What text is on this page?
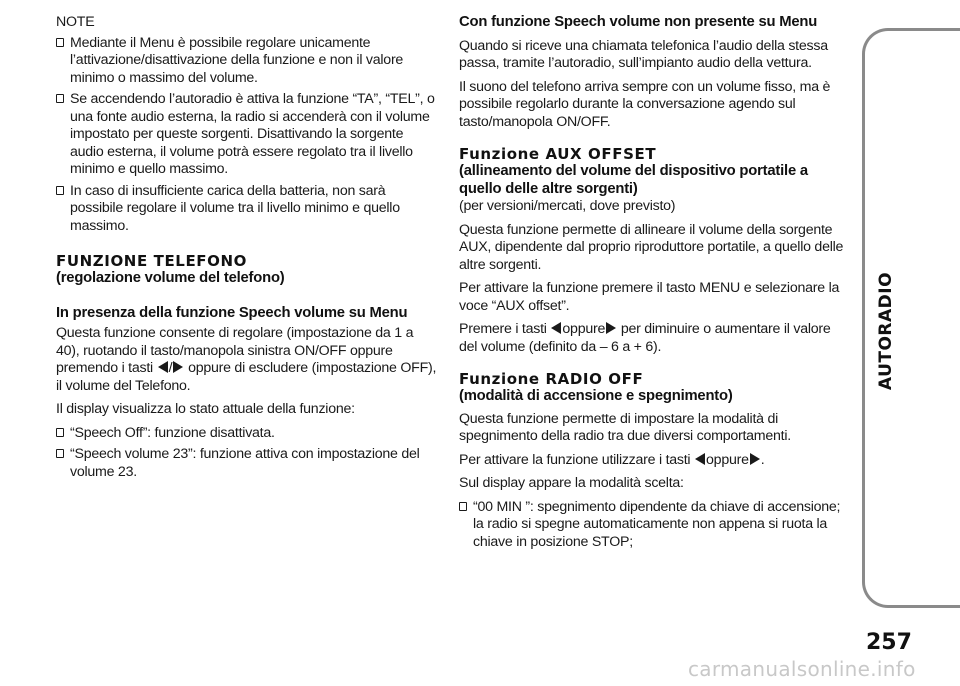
NOTE

Mediante il Menu è possibile regolare unicamente l’attivazione/disattivazione della funzione e non il valore minimo o massimo del volume.

Se accendendo l’autoradio è attiva la funzione “TA”, “TEL”, o una fonte audio esterna, la radio si accenderà con il volume impostato per queste sorgenti. Disattivando la sorgente audio esterna, il volume potrà essere regolato tra il livello minimo e quello massimo.

In caso di insufficiente carica della batteria, non sarà possibile regolare il volume tra il livello minimo e quello massimo.

FUNZIONE TELEFONO
(regolazione volume del telefono)
In presenza della funzione Speech volume su Menu

Questa funzione consente di regolare (impostazione da 1 a 40), ruotando il tasto/manopola sinistra ON/OFF oppure premendo i tasti / oppure di escludere (impostazione OFF), il volume del Telefono.

Il display visualizza lo stato attuale della funzione:

“Speech Off”: funzione disattivata.

“Speech volume 23”: funzione attiva con impostazione del volume 23.

Con funzione Speech volume non presente su Menu

Quando si riceve una chiamata telefonica l’audio della stessa passa, tramite l’autoradio, sull’impianto audio della vettura.

Il suono del telefono arriva sempre con un volume fisso, ma è possibile regolarlo durante la conversazione agendo sul tasto/manopola ON/OFF.

Funzione AUX OFFSET
(allineamento del volume del dispositivo portatile a quello delle altre sorgenti)

(per versioni/mercati, dove previsto)

Questa funzione permette di allineare il volume della sorgente AUX, dipendente dal proprio riproduttore portatile, a quello delle altre sorgenti.

Per attivare la funzione premere il tasto MENU e selezionare la voce “AUX offset”.

Premere i tasti oppure per diminuire o aumentare il valore del volume (definito da – 6 a + 6).

Funzione RADIO OFF
(modalità di accensione e spegnimento)

Questa funzione permette di impostare la modalità di spegnimento della radio tra due diversi comportamenti.

Per attivare la funzione utilizzare i tasti oppure .

Sul display appare la modalità scelta:

“00 MIN ”: spegnimento dipendente da chiave di accensione; la radio si spegne automaticamente non appena si ruota la chiave in posizione STOP;

AUTORADIO
257
carmanualsonline.info
